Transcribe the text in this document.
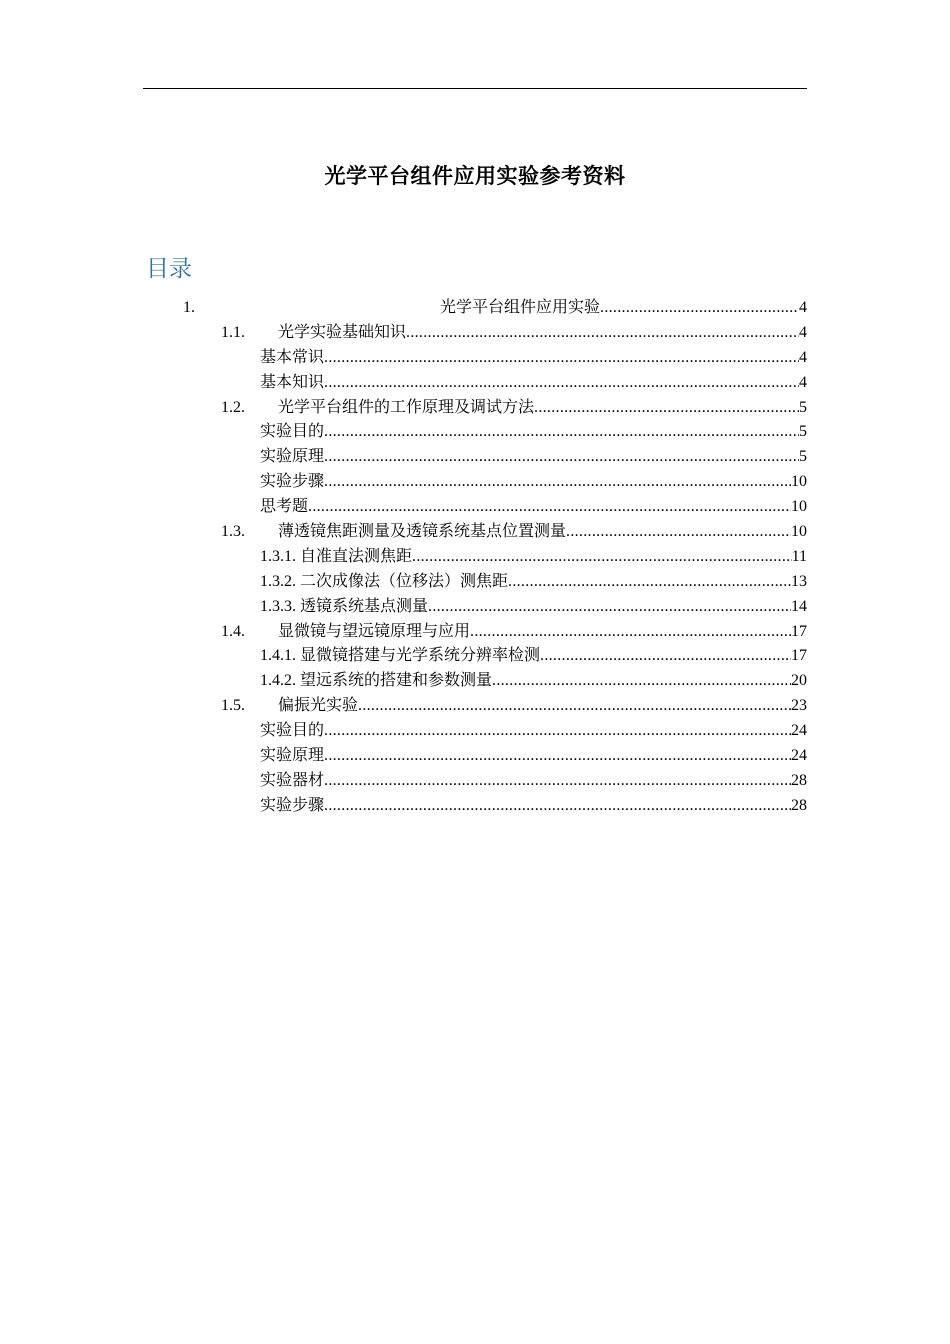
光学平台组件应用实验参考资料
目录
1.	光学平台组件应用实验 .....	4
1.1.	光学实验基础知识 .....	4
基本常识 .....	4
基本知识 .....	4
1.2.	光学平台组件的工作原理及调试方法 .....	5
实验目的 .....	5
实验原理 .....	5
实验步骤 .....	10
思考题 .....	10
1.3.	薄透镜焦距测量及透镜系统基点位置测量 .....	10
1.3.1. 自准直法测焦距 .....	11
1.3.2. 二次成像法（位移法）测焦距 .....	13
1.3.3. 透镜系统基点测量 .....	14
1.4.	显微镜与望远镜原理与应用 .....	17
1.4.1. 显微镜搭建与光学系统分辨率检测 .....	17
1.4.2. 望远系统的搭建和参数测量 .....	20
1.5.	偏振光实验 .....	23
实验目的 .....	24
实验原理 .....	24
实验器材 .....	28
实验步骤 .....	28
